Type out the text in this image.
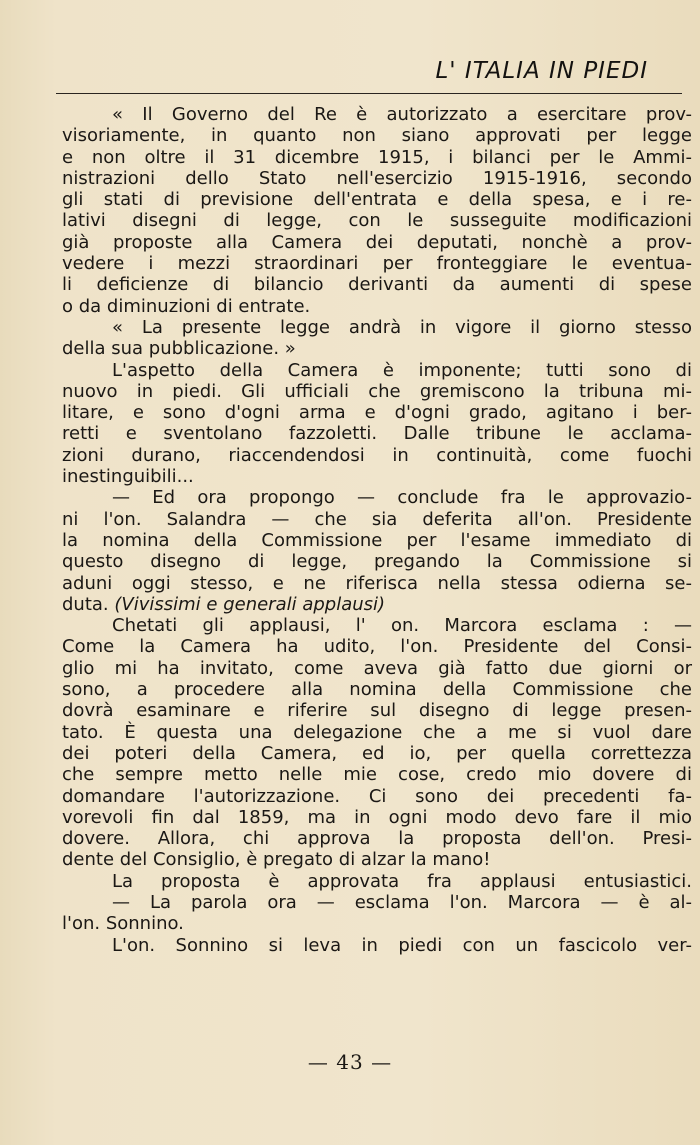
L' ITALIA IN PIEDI
« Il Governo del Re è autorizzato a esercitare prov-
visoriamente, in quanto non siano approvati per legge
e non oltre il 31 dicembre 1915, i bilanci per le Ammi-
nistrazioni dello Stato nell'esercizio 1915-1916, secondo
gli stati di previsione dell'entrata e della spesa, e i re-
lativi disegni di legge, con le susseguite modificazioni
già proposte alla Camera dei deputati, nonchè a prov-
vedere i mezzi straordinari per fronteggiare le eventua-
li deficienze di bilancio derivanti da aumenti di spese
o da diminuzioni di entrate.
« La presente legge andrà in vigore il giorno stesso
della sua pubblicazione. »
L'aspetto della Camera è imponente; tutti sono di
nuovo in piedi. Gli ufficiali che gremiscono la tribuna mi-
litare, e sono d'ogni arma e d'ogni grado, agitano i ber-
retti e sventolano fazzoletti. Dalle tribune le acclama-
zioni durano, riaccendendosi in continuità, come fuochi
inestinguibili...
— Ed ora propongo — conclude fra le approvazio-
ni l'on. Salandra — che sia deferita all'on. Presidente
la nomina della Commissione per l'esame immediato di
questo disegno di legge, pregando la Commissione si
aduni oggi stesso, e ne riferisca nella stessa odierna se-
duta. (Vivissimi e generali applausi)
Chetati gli applausi, l' on. Marcora esclama : —
Come la Camera ha udito, l'on. Presidente del Consi-
glio mi ha invitato, come aveva già fatto due giorni or
sono, a procedere alla nomina della Commissione che
dovrà esaminare e riferire sul disegno di legge presen-
tato. È questa una delegazione che a me si vuol dare
dei poteri della Camera, ed io, per quella correttezza
che sempre metto nelle mie cose, credo mio dovere di
domandare l'autorizzazione. Ci sono dei precedenti fa-
vorevoli fin dal 1859, ma in ogni modo devo fare il mio
dovere. Allora, chi approva la proposta dell'on. Presi-
dente del Consiglio, è pregato di alzar la mano!
La proposta è approvata fra applausi entusiastici.
— La parola ora — esclama l'on. Marcora — è al-
l'on. Sonnino.
L'on. Sonnino si leva in piedi con un fascicolo ver-
— 43 —
